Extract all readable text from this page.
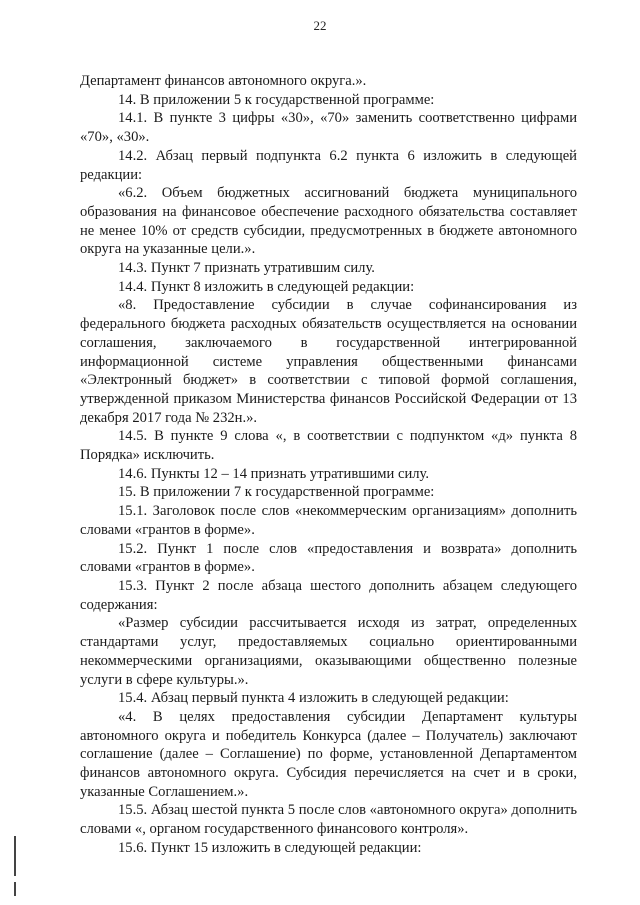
22

Департамент финансов автономного округа.».

14. В приложении 5 к государственной программе:

14.1. В пункте 3 цифры «30», «70» заменить соответственно цифрами «70», «30».

14.2. Абзац первый подпункта 6.2 пункта 6 изложить в следующей редакции:

«6.2. Объем бюджетных ассигнований бюджета муниципального образования на финансовое обеспечение расходного обязательства составляет не менее 10% от средств субсидии, предусмотренных в бюджете автономного округа на указанные цели.».

14.3. Пункт 7 признать утратившим силу.

14.4. Пункт 8 изложить в следующей редакции:

«8. Предоставление субсидии в случае софинансирования из федерального бюджета расходных обязательств осуществляется на основании соглашения, заключаемого в государственной интегрированной информационной системе управления общественными финансами «Электронный бюджет» в соответствии с типовой формой соглашения, утвержденной приказом Министерства финансов Российской Федерации от 13 декабря 2017 года № 232н.».

14.5. В пункте 9 слова «, в соответствии с подпунктом «д» пункта 8 Порядка» исключить.

14.6. Пункты 12 – 14 признать утратившими силу.

15. В приложении 7 к государственной программе:

15.1. Заголовок после слов «некоммерческим организациям» дополнить словами «грантов в форме».

15.2. Пункт 1 после слов «предоставления и возврата» дополнить словами «грантов в форме».

15.3. Пункт 2 после абзаца шестого дополнить абзацем следующего содержания:

«Размер субсидии рассчитывается исходя из затрат, определенных стандартами услуг, предоставляемых социально ориентированными некоммерческими организациями, оказывающими общественно полезные услуги в сфере культуры.».

15.4. Абзац первый пункта 4 изложить в следующей редакции:

«4. В целях предоставления субсидии Департамент культуры автономного округа и победитель Конкурса (далее – Получатель) заключают соглашение (далее – Соглашение) по форме, установленной Департаментом финансов автономного округа. Субсидия перечисляется на счет и в сроки, указанные Соглашением.».

15.5. Абзац шестой пункта 5 после слов «автономного округа» дополнить словами «, органом государственного финансового контроля».

15.6. Пункт 15 изложить в следующей редакции:
